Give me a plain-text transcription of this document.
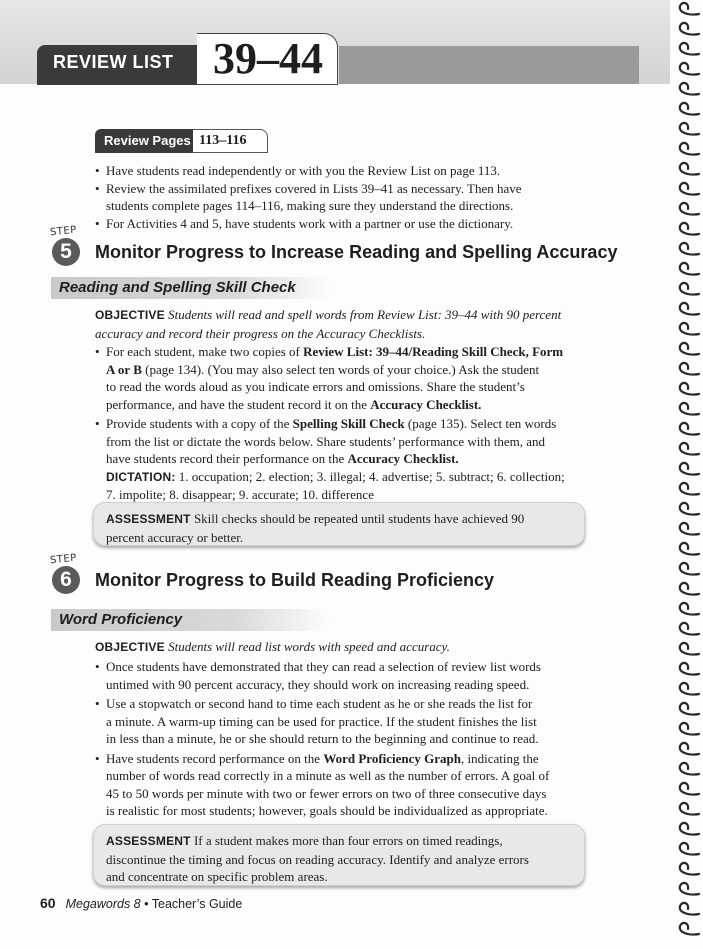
REVIEW LIST 39–44
Review Pages 113–116
• Have students read independently or with you the Review List on page 113.
• Review the assimilated prefixes covered in Lists 39–41 as necessary. Then have
students complete pages 114–116, making sure they understand the directions.
• For Activities 4 and 5, have students work with a partner or use the dictionary.
STEP
5	Monitor Progress to Increase Reading and Spelling Accuracy
Reading and Spelling Skill Check
OBJECTIVE Students will read and spell words from Review List: 39–44 with 90 percent
accuracy and record their progress on the Accuracy Checklists.
• For each student, make two copies of Review List: 39–44/Reading Skill Check, Form
A or B (page 134). (You may also select ten words of your choice.) Ask the student
to read the words aloud as you indicate errors and omissions. Share the student’s
performance, and have the student record it on the Accuracy Checklist.
• Provide students with a copy of the Spelling Skill Check (page 135). Select ten words
from the list or dictate the words below. Share students’ performance with them, and
have students record their performance on the Accuracy Checklist.
DICTATION: 1. occupation; 2. election; 3. illegal; 4. advertise; 5. subtract; 6. collection;
7. impolite; 8. disappear; 9. accurate; 10. difference
ASSESSMENT Skill checks should be repeated until students have achieved 90
percent accuracy or better.
STEP
6	Monitor Progress to Build Reading Proficiency
Word Proficiency
OBJECTIVE Students will read list words with speed and accuracy.
• Once students have demonstrated that they can read a selection of review list words
untimed with 90 percent accuracy, they should work on increasing reading speed.
• Use a stopwatch or second hand to time each student as he or she reads the list for
a minute. A warm-up timing can be used for practice. If the student finishes the list
in less than a minute, he or she should return to the beginning and continue to read.
• Have students record performance on the Word Proficiency Graph, indicating the
number of words read correctly in a minute as well as the number of errors. A goal of
45 to 50 words per minute with two or fewer errors on two of three consecutive days
is realistic for most students; however, goals should be individualized as appropriate.
ASSESSMENT If a student makes more than four errors on timed readings,
discontinue the timing and focus on reading accuracy. Identify and analyze errors
and concentrate on specific problem areas.
60 Megawords 8 • Teacher’s Guide
